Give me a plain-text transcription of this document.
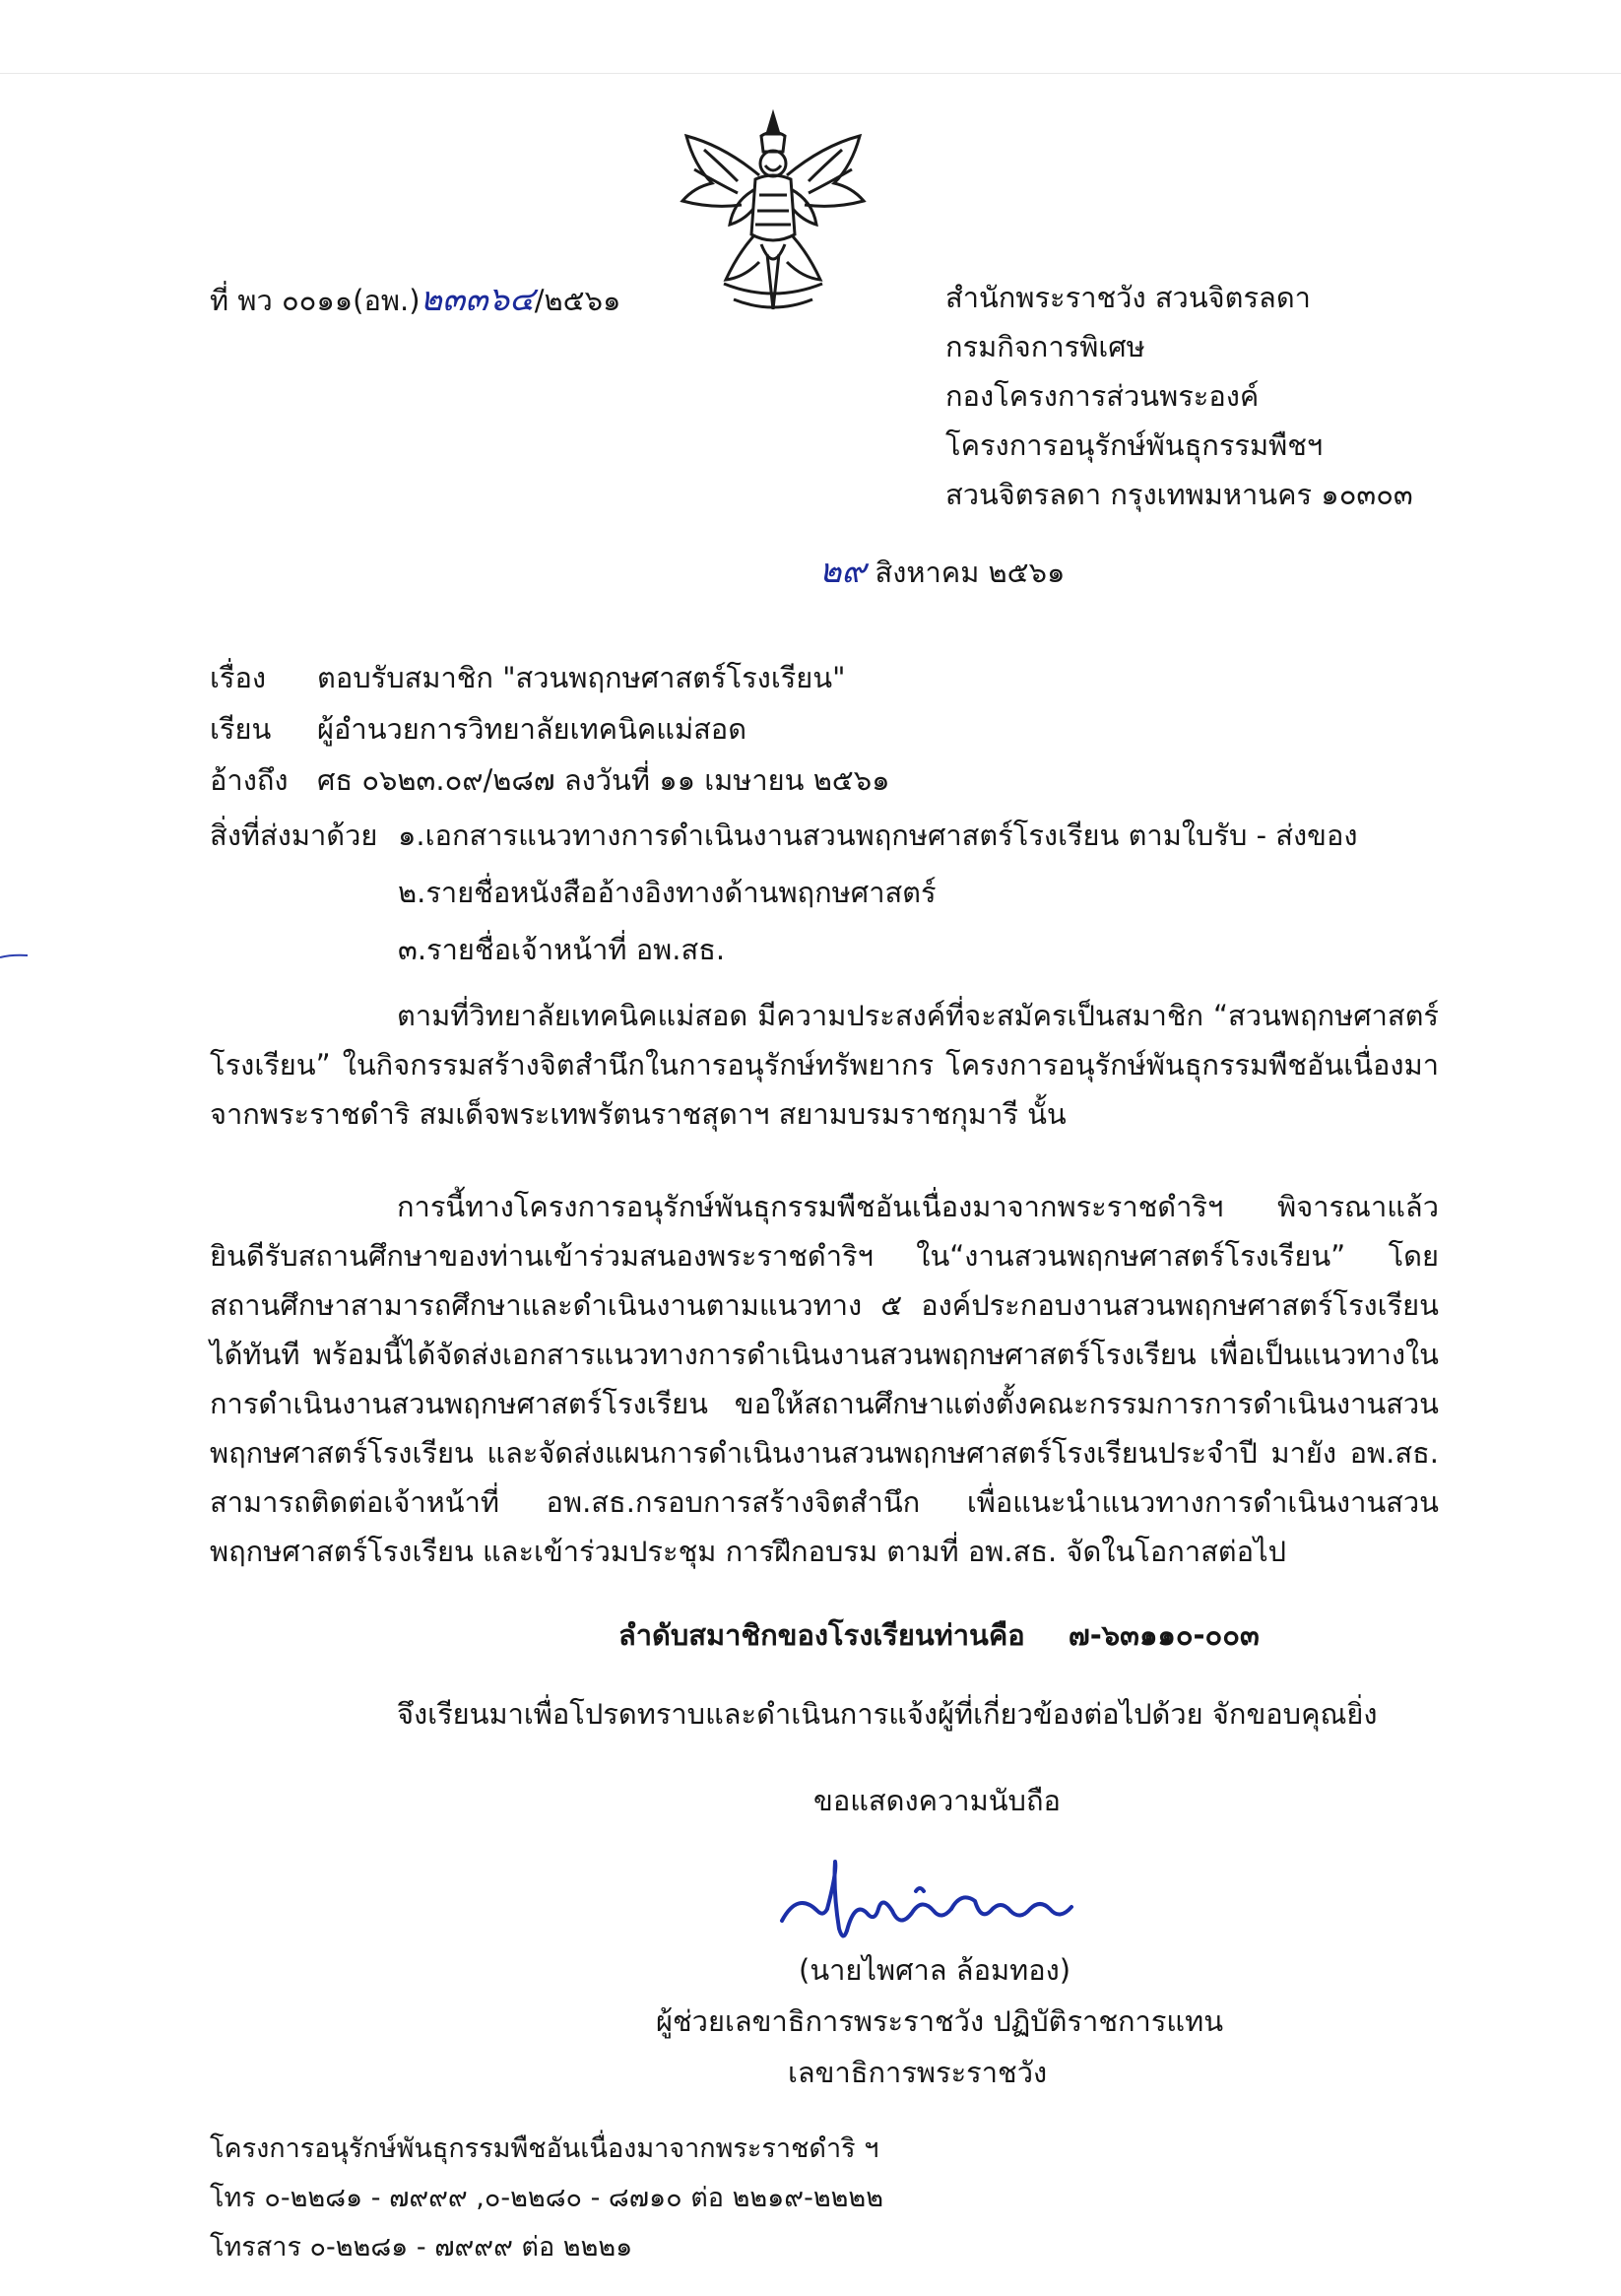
ที่ พว ๐๐๑๑(อพ.)๒๓๓๖๔/๒๕๖๑	สำนักพระราชวัง สวนจิตรลดา
กรมกิจการพิเศษ
กองโครงการส่วนพระองค์
โครงการอนุรักษ์พันธุกรรมพืชฯ
สวนจิตรลดา กรุงเทพมหานคร ๑๐๓๐๓
๒๙ สิงหาคม ๒๕๖๑
เรื่อง ตอบรับสมาชิก "สวนพฤกษศาสตร์โรงเรียน"
เรียน ผู้อำนวยการวิทยาลัยเทคนิคแม่สอด
อ้างถึง ศธ ๐๖๒๓.๐๙/๒๘๗ ลงวันที่ ๑๑ เมษายน ๒๕๖๑
สิ่งที่ส่งมาด้วย ๑.เอกสารแนวทางการดำเนินงานสวนพฤกษศาสตร์โรงเรียน ตามใบรับ - ส่งของ
๒.รายชื่อหนังสืออ้างอิงทางด้านพฤกษศาสตร์
๓.รายชื่อเจ้าหน้าที่ อพ.สธ.
ตามที่วิทยาลัยเทคนิคแม่สอด มีความประสงค์ที่จะสมัครเป็นสมาชิก “สวนพฤกษศาสตร์โรงเรียน” ในกิจกรรมสร้างจิตสำนึกในการอนุรักษ์ทรัพยากร โครงการอนุรักษ์พันธุกรรมพืชอันเนื่องมาจากพระราชดำริ สมเด็จพระเทพรัตนราชสุดาฯ สยามบรมราชกุมารี นั้น
การนี้ทางโครงการอนุรักษ์พันธุกรรมพืชอันเนื่องมาจากพระราชดำริฯ พิจารณาแล้ว ยินดีรับสถานศึกษาของท่านเข้าร่วมสนองพระราชดำริฯ ใน“งานสวนพฤกษศาสตร์โรงเรียน” โดยสถานศึกษาสามารถศึกษาและดำเนินงานตามแนวทาง ๕ องค์ประกอบงานสวนพฤกษศาสตร์โรงเรียนได้ทันที พร้อมนี้ได้จัดส่งเอกสารแนวทางการดำเนินงานสวนพฤกษศาสตร์โรงเรียน เพื่อเป็นแนวทางในการดำเนินงานสวนพฤกษศาสตร์โรงเรียน ขอให้สถานศึกษาแต่งตั้งคณะกรรมการการดำเนินงานสวนพฤกษศาสตร์โรงเรียน และจัดส่งแผนการดำเนินงานสวนพฤกษศาสตร์โรงเรียนประจำปี มายัง อพ.สธ. สามารถติดต่อเจ้าหน้าที่ อพ.สธ.กรอบการสร้างจิตสำนึก เพื่อแนะนำแนวทางการดำเนินงานสวนพฤกษศาสตร์โรงเรียน และเข้าร่วมประชุม การฝึกอบรม ตามที่ อพ.สธ. จัดในโอกาสต่อไป
ลำดับสมาชิกของโรงเรียนท่านคือ ๗-๖๓๑๑๐-๐๐๓
จึงเรียนมาเพื่อโปรดทราบและดำเนินการแจ้งผู้ที่เกี่ยวข้องต่อไปด้วย จักขอบคุณยิ่ง
ขอแสดงความนับถือ
(นายไพศาล ล้อมทอง)
ผู้ช่วยเลขาธิการพระราชวัง ปฏิบัติราชการแทน
เลขาธิการพระราชวัง
โครงการอนุรักษ์พันธุกรรมพืชอันเนื่องมาจากพระราชดำริ ฯ
โทร ๐-๒๒๘๑ - ๗๙๙๙ ,๐-๒๒๘๐ - ๘๗๑๐ ต่อ ๒๒๑๙-๒๒๒๒
โทรสาร ๐-๒๒๘๑ - ๗๙๙๙ ต่อ ๒๒๒๑
